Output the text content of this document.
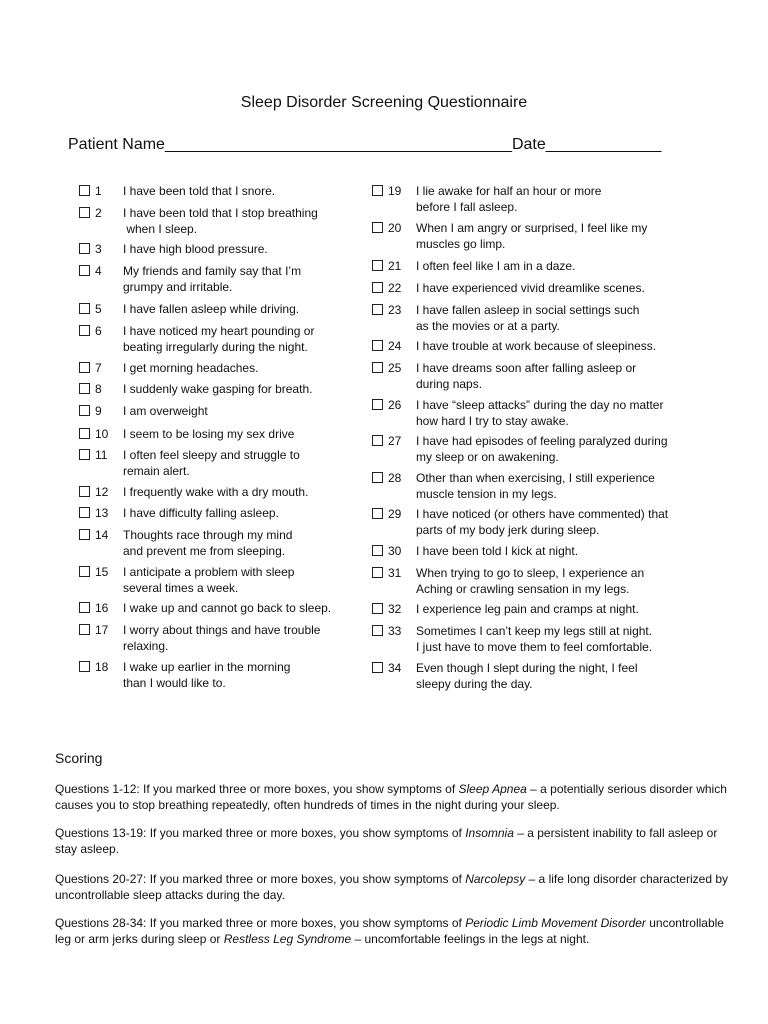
Sleep Disorder Screening Questionnaire
Patient Name_______________________________________Date_____________
1 I have been told that I snore.
2 I have been told that I stop breathing
when I sleep.
3 I have high blood pressure.
4 My friends and family say that I’m
grumpy and irritable.
5 I have fallen asleep while driving.
6 I have noticed my heart pounding or
beating irregularly during the night.
7 I get morning headaches.
8 I suddenly wake gasping for breath.
9 I am overweight
10 I seem to be losing my sex drive
11 I often feel sleepy and struggle to
remain alert.
12 I frequently wake with a dry mouth.
13 I have difficulty falling asleep.
14 Thoughts race through my mind
and prevent me from sleeping.
15 I anticipate a problem with sleep
several times a week.
16 I wake up and cannot go back to sleep.
17 I worry about things and have trouble
relaxing.
18 I wake up earlier in the morning
than I would like to.
19 I lie awake for half an hour or more
before I fall asleep.
20 When I am angry or surprised, I feel like my
muscles go limp.
21 I often feel like I am in a daze.
22 I have experienced vivid dreamlike scenes.
23 I have fallen asleep in social settings such
as the movies or at a party.
24 I have trouble at work because of sleepiness.
25 I have dreams soon after falling asleep or
during naps.
26 I have “sleep attacks” during the day no matter
how hard I try to stay awake.
27 I have had episodes of feeling paralyzed during
my sleep or on awakening.
28 Other than when exercising, I still experience
muscle tension in my legs.
29 I have noticed (or others have commented) that
parts of my body jerk during sleep.
30 I have been told I kick at night.
31 When trying to go to sleep, I experience an
Aching or crawling sensation in my legs.
32 I experience leg pain and cramps at night.
33 Sometimes I can’t keep my legs still at night.
I just have to move them to feel comfortable.
34 Even though I slept during the night, I feel
sleepy during the day.
Scoring
Questions 1-12: If you marked three or more boxes, you show symptoms of Sleep Apnea – a potentially serious disorder which causes you to stop breathing repeatedly, often hundreds of times in the night during your sleep.
Questions 13-19: If you marked three or more boxes, you show symptoms of Insomnia – a persistent inability to fall asleep or stay asleep.
Questions 20-27: If you marked three or more boxes, you show symptoms of Narcolepsy – a life long disorder characterized by uncontrollable sleep attacks during the day.
Questions 28-34: If you marked three or more boxes, you show symptoms of Periodic Limb Movement Disorder uncontrollable leg or arm jerks during sleep or Restless Leg Syndrome – uncomfortable feelings in the legs at night.
